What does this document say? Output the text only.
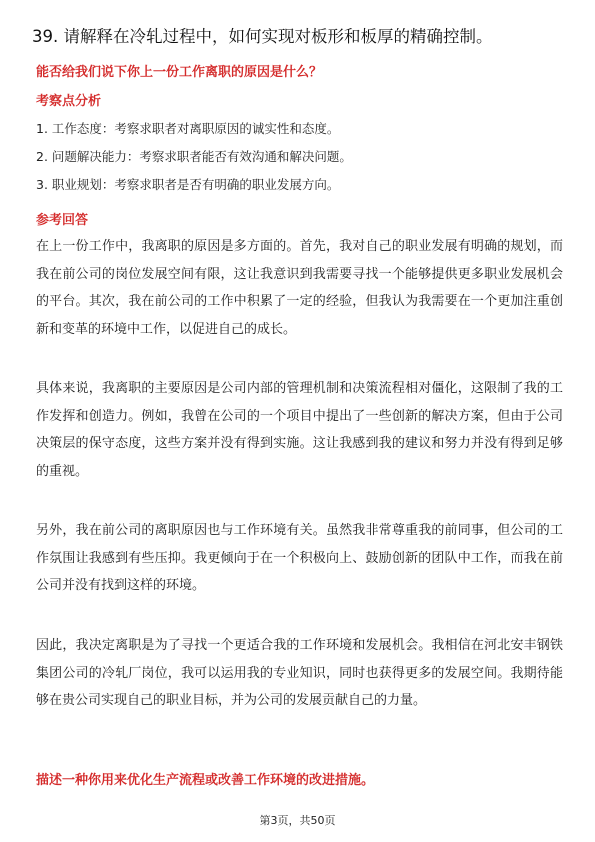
39. 请解释在冷轧过程中，如何实现对板形和板厚的精确控制。
能否给我们说下你上一份工作离职的原因是什么？
考察点分析
1. 工作态度：考察求职者对离职原因的诚实性和态度。
2. 问题解决能力：考察求职者能否有效沟通和解决问题。
3. 职业规划：考察求职者是否有明确的职业发展方向。
参考回答
在上一份工作中，我离职的原因是多方面的。首先，我对自己的职业发展有明确的规划，而我在前公司的岗位发展空间有限，这让我意识到我需要寻找一个能够提供更多职业发展机会的平台。其次，我在前公司的工作中积累了一定的经验，但我认为我需要在一个更加注重创新和变革的环境中工作，以促进自己的成长。
具体来说，我离职的主要原因是公司内部的管理机制和决策流程相对僵化，这限制了我的工作发挥和创造力。例如，我曾在公司的一个项目中提出了一些创新的解决方案，但由于公司决策层的保守态度，这些方案并没有得到实施。这让我感到我的建议和努力并没有得到足够的重视。
另外，我在前公司的离职原因也与工作环境有关。虽然我非常尊重我的前同事，但公司的工作氛围让我感到有些压抑。我更倾向于在一个积极向上、鼓励创新的团队中工作，而我在前公司并没有找到这样的环境。
因此，我决定离职是为了寻找一个更适合我的工作环境和发展机会。我相信在河北安丰钢铁集团公司的冷轧厂岗位，我可以运用我的专业知识，同时也获得更多的发展空间。我期待能够在贵公司实现自己的职业目标，并为公司的发展贡献自己的力量。
描述一种你用来优化生产流程或改善工作环境的改进措施。
第3页，共50页
